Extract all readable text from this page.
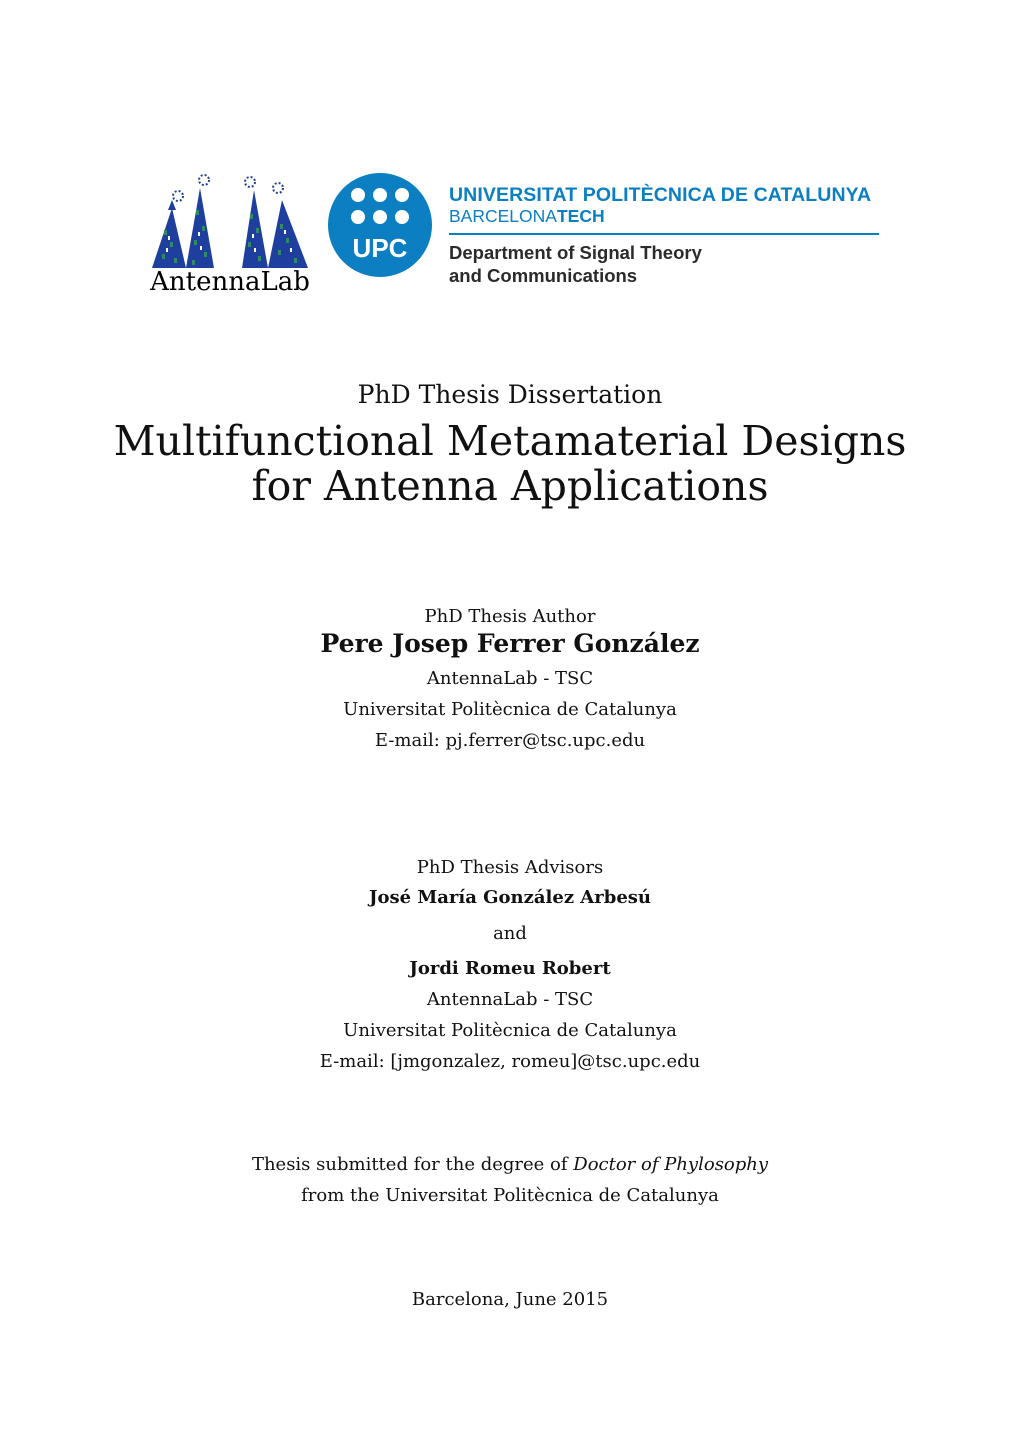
AntennaLab
UPC
UNIVERSITAT POLITÈCNICA DE CATALUNYA
BARCELONATECH
Department of Signal Theory
and Communications
PhD Thesis Dissertation
Multifunctional Metamaterial Designs
for Antenna Applications
PhD Thesis Author
Pere Josep Ferrer González
AntennaLab - TSC
Universitat Politècnica de Catalunya
E-mail: pj.ferrer@tsc.upc.edu
PhD Thesis Advisors
José María González Arbesú
and
Jordi Romeu Robert
AntennaLab - TSC
Universitat Politècnica de Catalunya
E-mail: [jmgonzalez, romeu]@tsc.upc.edu
Thesis submitted for the degree of Doctor of Phylosophy
from the Universitat Politècnica de Catalunya
Barcelona, June 2015
